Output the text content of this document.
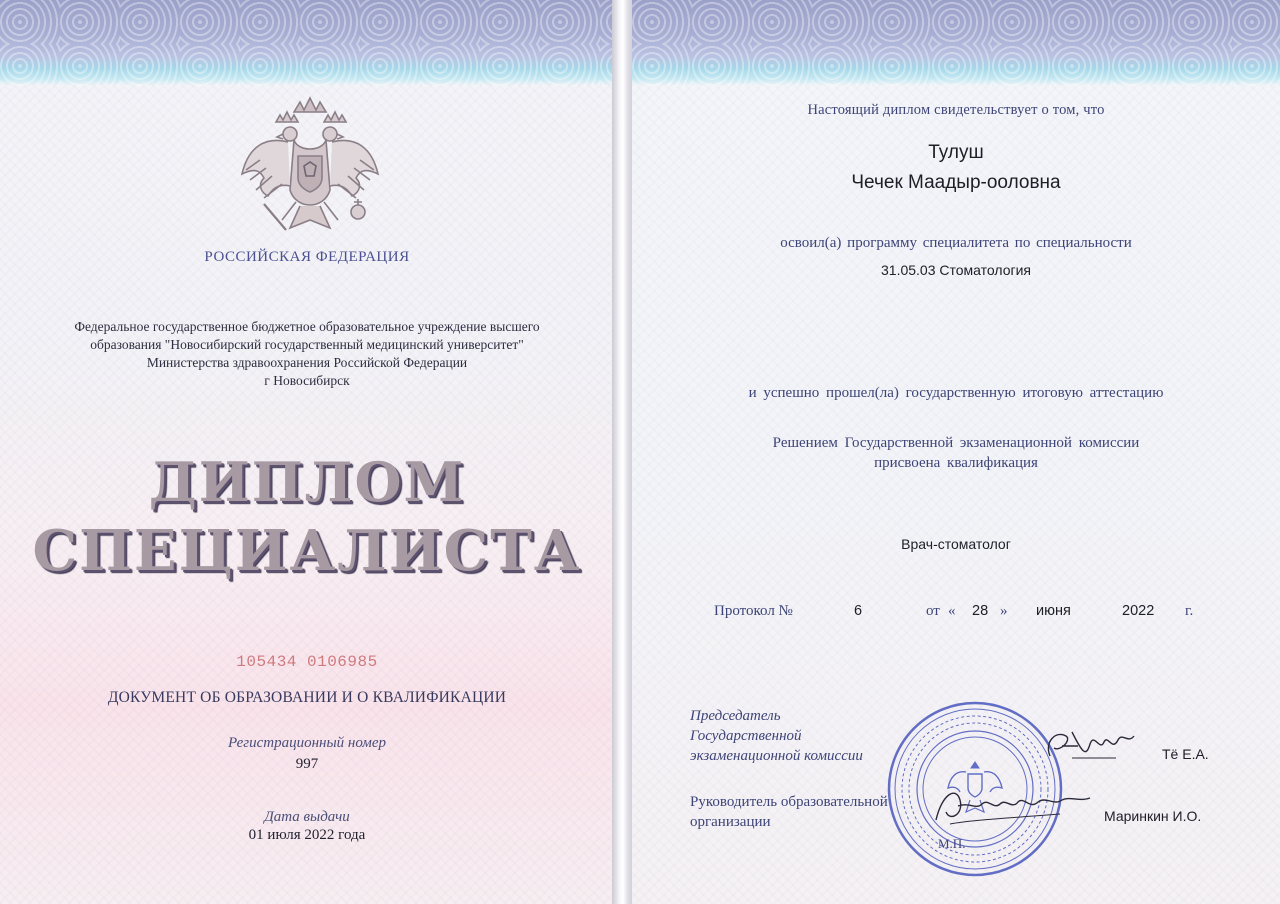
РОССИЙСКАЯ ФЕДЕРАЦИЯ
Федеральное государственное бюджетное образовательное учреждение высшего
образования "Новосибирский государственный медицинский университет"
Министерства здравоохранения Российской Федерации
г Новосибирск
ДИПЛОМ
СПЕЦИАЛИСТА
105434 0106985
ДОКУМЕНТ ОБ ОБРАЗОВАНИИ И О КВАЛИФИКАЦИИ
Регистрационный номер
997
Дата выдачи
01 июля 2022 года
Настоящий диплом свидетельствует о том, что
Тулуш
Чечек Маадыр-ооловна
освоил(а) программу специалитета по специальности
31.05.03 Стоматология
и успешно прошел(ла) государственную итоговую аттестацию
Решением Государственной экзаменационной комиссии
присвоена квалификация
Врач-стоматолог
Протокол №	6	от « 28 » июня	2022 г.
Председатель
Государственной
экзаменационной комиссии	Тё Е.А.
Руководитель образовательной
организации	Маринкин И.О.
М.П.
